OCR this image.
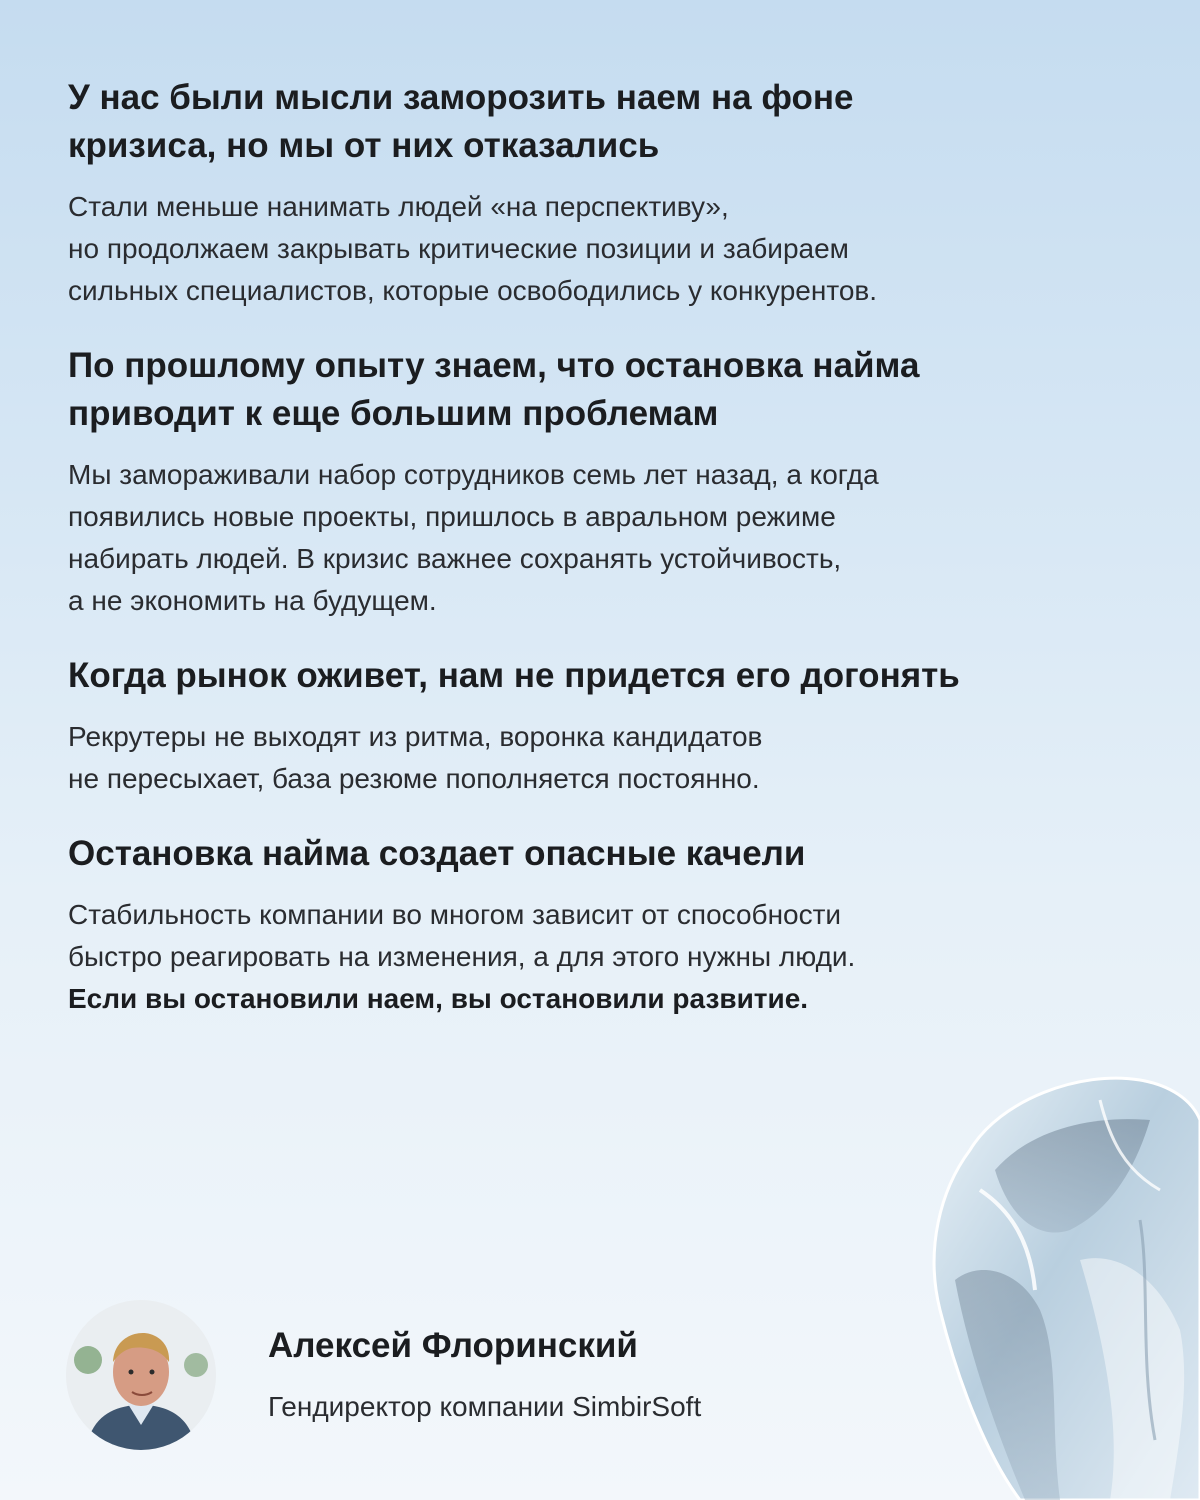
У нас были мысли заморозить наем на фоне
кризиса, но мы от них отказались

Стали меньше нанимать людей «на перспективу»,
но продолжаем закрывать критические позиции и забираем
сильных специалистов, которые освободились у конкурентов.

По прошлому опыту знаем, что остановка найма
приводит к еще большим проблемам

Мы замораживали набор сотрудников семь лет назад, а когда
появились новые проекты, пришлось в авральном режиме
набирать людей. В кризис важнее сохранять устойчивость,
а не экономить на будущем.

Когда рынок оживет, нам не придется его догонять

Рекрутеры не выходят из ритма, воронка кандидатов
не пересыхает, база резюме пополняется постоянно.

Остановка найма создает опасные качели

Стабильность компании во многом зависит от способности
быстро реагировать на изменения, а для этого нужны люди.
Если вы остановили наем, вы остановили развитие.

Алексей Флоринский
Гендиректор компании SimbirSoft
